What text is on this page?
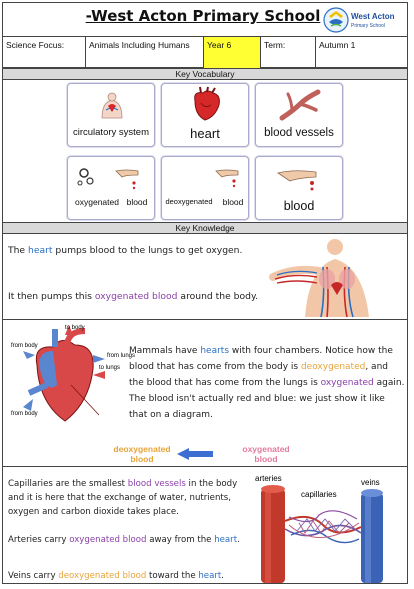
-West Acton Primary School	West Acton
Primary School
Science Focus:	Animals Including Humans	Year 6	Term:	Autumn 1
Key Vocabulary
circulatory system	heart	blood vessels
oxygenated blood	deoxygenated	blood	blood
Key Knowledge
The heart pumps blood to the lungs to get oxygen.
It then pumps this oxygenated blood around the body.
to body
from body
to lungs
from lungs
from body
Mammals have hearts with four chambers. Notice how the blood that has come from the body is deoxygenated, and the blood that has come from the lungs is oxygenated again. The blood isn't actually red and blue: we just show it like that on a diagram.
deoxygenated blood
oxygenated blood
Capillaries are the smallest blood vessels in the body and it is here that the exchange of water, nutrients, oxygen and carbon dioxide takes place.
Arteries carry oxygenated blood away from the heart.
Veins carry deoxygenated blood toward the heart.
arteries
capillaries
veins
